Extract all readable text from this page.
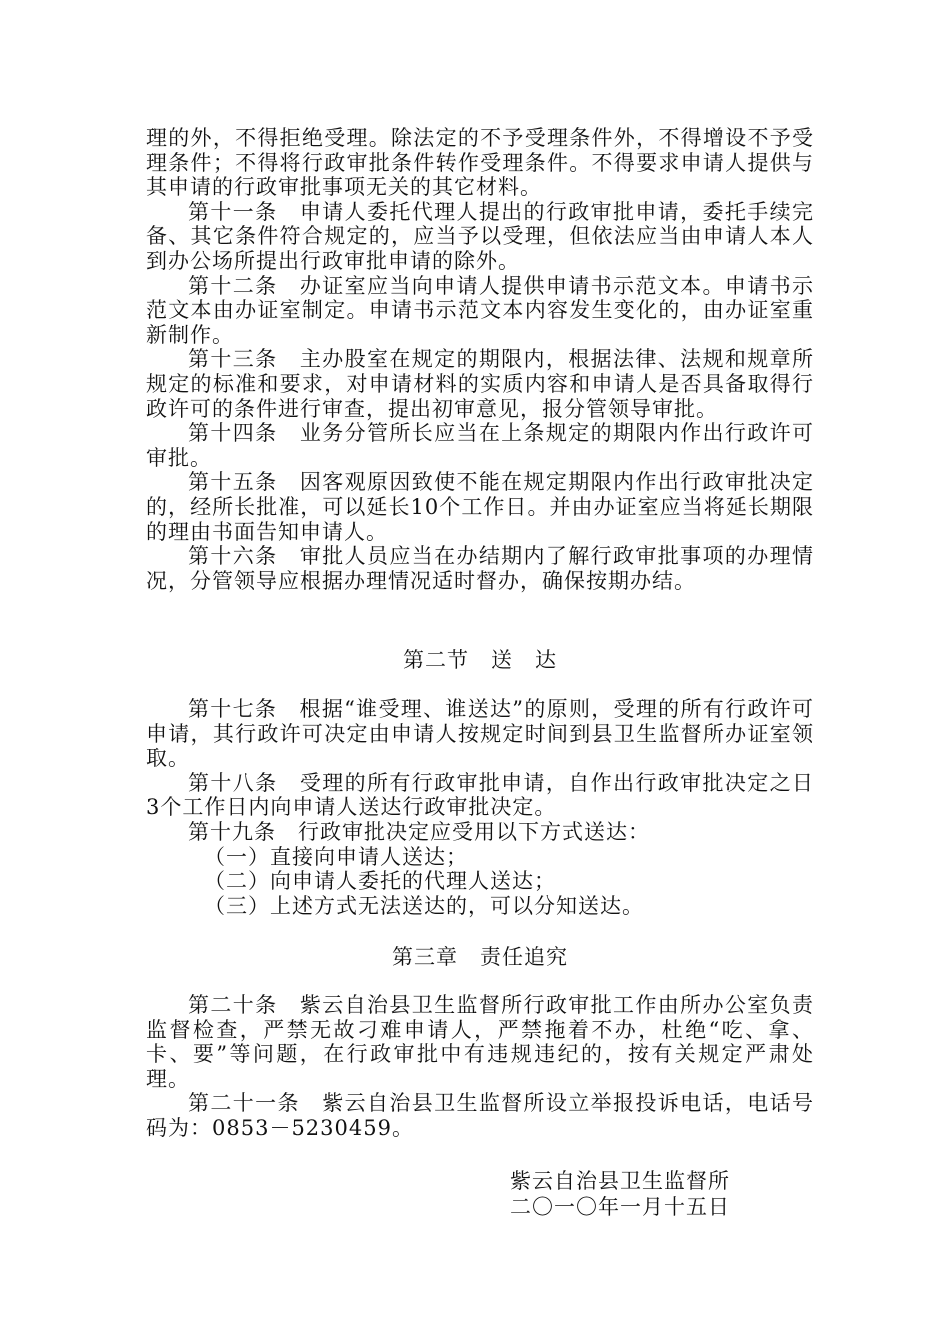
理的外，不得拒绝受理。除法定的不予受理条件外，不得增设不予受理条件；不得将行政审批条件转作受理条件。不得要求申请人提供与其申请的行政审批事项无关的其它材料。

第十一条　申请人委托代理人提出的行政审批申请，委托手续完备、其它条件符合规定的，应当予以受理，但依法应当由申请人本人到办公场所提出行政审批申请的除外。

第十二条　办证室应当向申请人提供申请书示范文本。申请书示范文本由办证室制定。申请书示范文本内容发生变化的，由办证室重新制作。

第十三条　主办股室在规定的期限内，根据法律、法规和规章所规定的标准和要求，对申请材料的实质内容和申请人是否具备取得行政许可的条件进行审查，提出初审意见，报分管领导审批。

第十四条　业务分管所长应当在上条规定的期限内作出行政许可审批。

第十五条　因客观原因致使不能在规定期限内作出行政审批决定的，经所长批准，可以延长10个工作日。并由办证室应当将延长期限的理由书面告知申请人。

第十六条　审批人员应当在办结期内了解行政审批事项的办理情况，分管领导应根据办理情况适时督办，确保按期办结。

第二节　送　达

第十七条　根据“谁受理、谁送达”的原则，受理的所有行政许可申请，其行政许可决定由申请人按规定时间到县卫生监督所办证室领取。

第十八条　受理的所有行政审批申请，自作出行政审批决定之日3个工作日内向申请人送达行政审批决定。

第十九条　行政审批决定应受用以下方式送达：

（一）直接向申请人送达；

（二）向申请人委托的代理人送达；

（三）上述方式无法送达的，可以分知送达。

第三章　责任追究

第二十条　紫云自治县卫生监督所行政审批工作由所办公室负责监督检查，严禁无故刁难申请人，严禁拖着不办，杜绝“吃、拿、卡、要”等问题，在行政审批中有违规违纪的，按有关规定严肃处理。

第二十一条　紫云自治县卫生监督所设立举报投诉电话，电话号码为：0853－5230459。

紫云自治县卫生监督所
二〇一〇年一月十五日
